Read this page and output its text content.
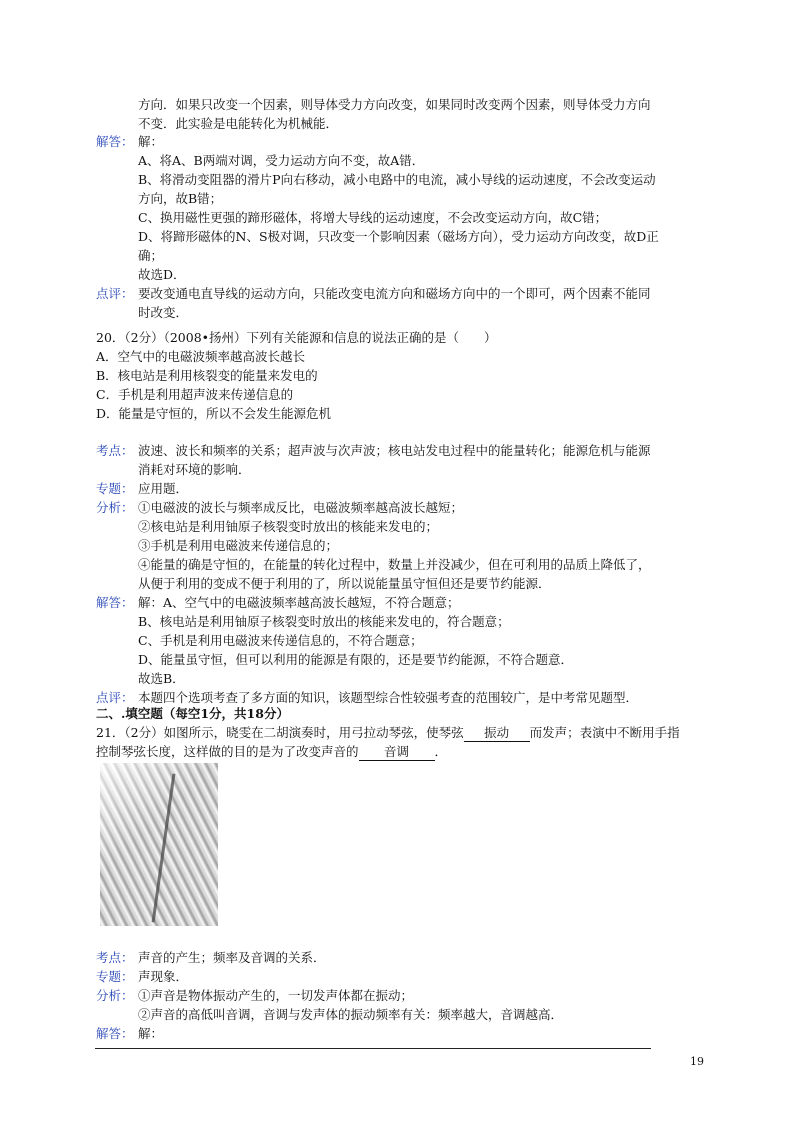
方向．如果只改变一个因素，则导体受力方向改变，如果同时改变两个因素，则导体受力方向
不变．此实验是电能转化为机械能．
解答： 解：
A、将A、B两端对调，受力运动方向不变，故A错．
B、将滑动变阻器的滑片P向右移动，减小电路中的电流，减小导线的运动速度，不会改变运动
方向，故B错；
C、换用磁性更强的蹄形磁体，将增大导线的运动速度，不会改变运动方向，故C错；
D、将蹄形磁体的N、S极对调，只改变一个影响因素（磁场方向），受力运动方向改变，故D正
确；
故选D．
点评： 要改变通电直导线的运动方向，只能改变电流方向和磁场方向中的一个即可，两个因素不能同
时改变．
20．（2分）（2008•扬州）下列有关能源和信息的说法正确的是（　　）
A．空气中的电磁波频率越高波长越长
B．核电站是利用核裂变的能量来发电的
C．手机是利用超声波来传递信息的
D．能量是守恒的，所以不会发生能源危机
考点： 波速、波长和频率的关系；超声波与次声波；核电站发电过程中的能量转化；能源危机与能源
消耗对环境的影响．
专题： 应用题．
分析： ①电磁波的波长与频率成反比，电磁波频率越高波长越短；
②核电站是利用铀原子核裂变时放出的核能来发电的；
③手机是利用电磁波来传递信息的；
④能量的确是守恒的，在能量的转化过程中，数量上并没减少，但在可利用的品质上降低了，
从便于利用的变成不便于利用的了，所以说能量虽守恒但还是要节约能源．
解答： 解：A、空气中的电磁波频率越高波长越短，不符合题意；
B、核电站是利用铀原子核裂变时放出的核能来发电的，符合题意；
C、手机是利用电磁波来传递信息的，不符合题意；
D、能量虽守恒，但可以利用的能源是有限的，还是要节约能源，不符合题意．
故选B．
点评： 本题四个选项考查了多方面的知识，该题型综合性较强考查的范围较广，是中考常见题型．
二、.填空题（每空1分，共18分）
21．（2分）如图所示，晓雯在二胡演奏时，用弓拉动琴弦，使琴弦 振动 而发声；表演中不断用手指
控制琴弦长度，这样做的目的是为了改变声音的 音调 ．
考点： 声音的产生；频率及音调的关系．
专题： 声现象．
分析： ①声音是物体振动产生的，一切发声体都在振动；
②声音的高低叫音调，音调与发声体的振动频率有关：频率越大，音调越高．
解答： 解：
19
